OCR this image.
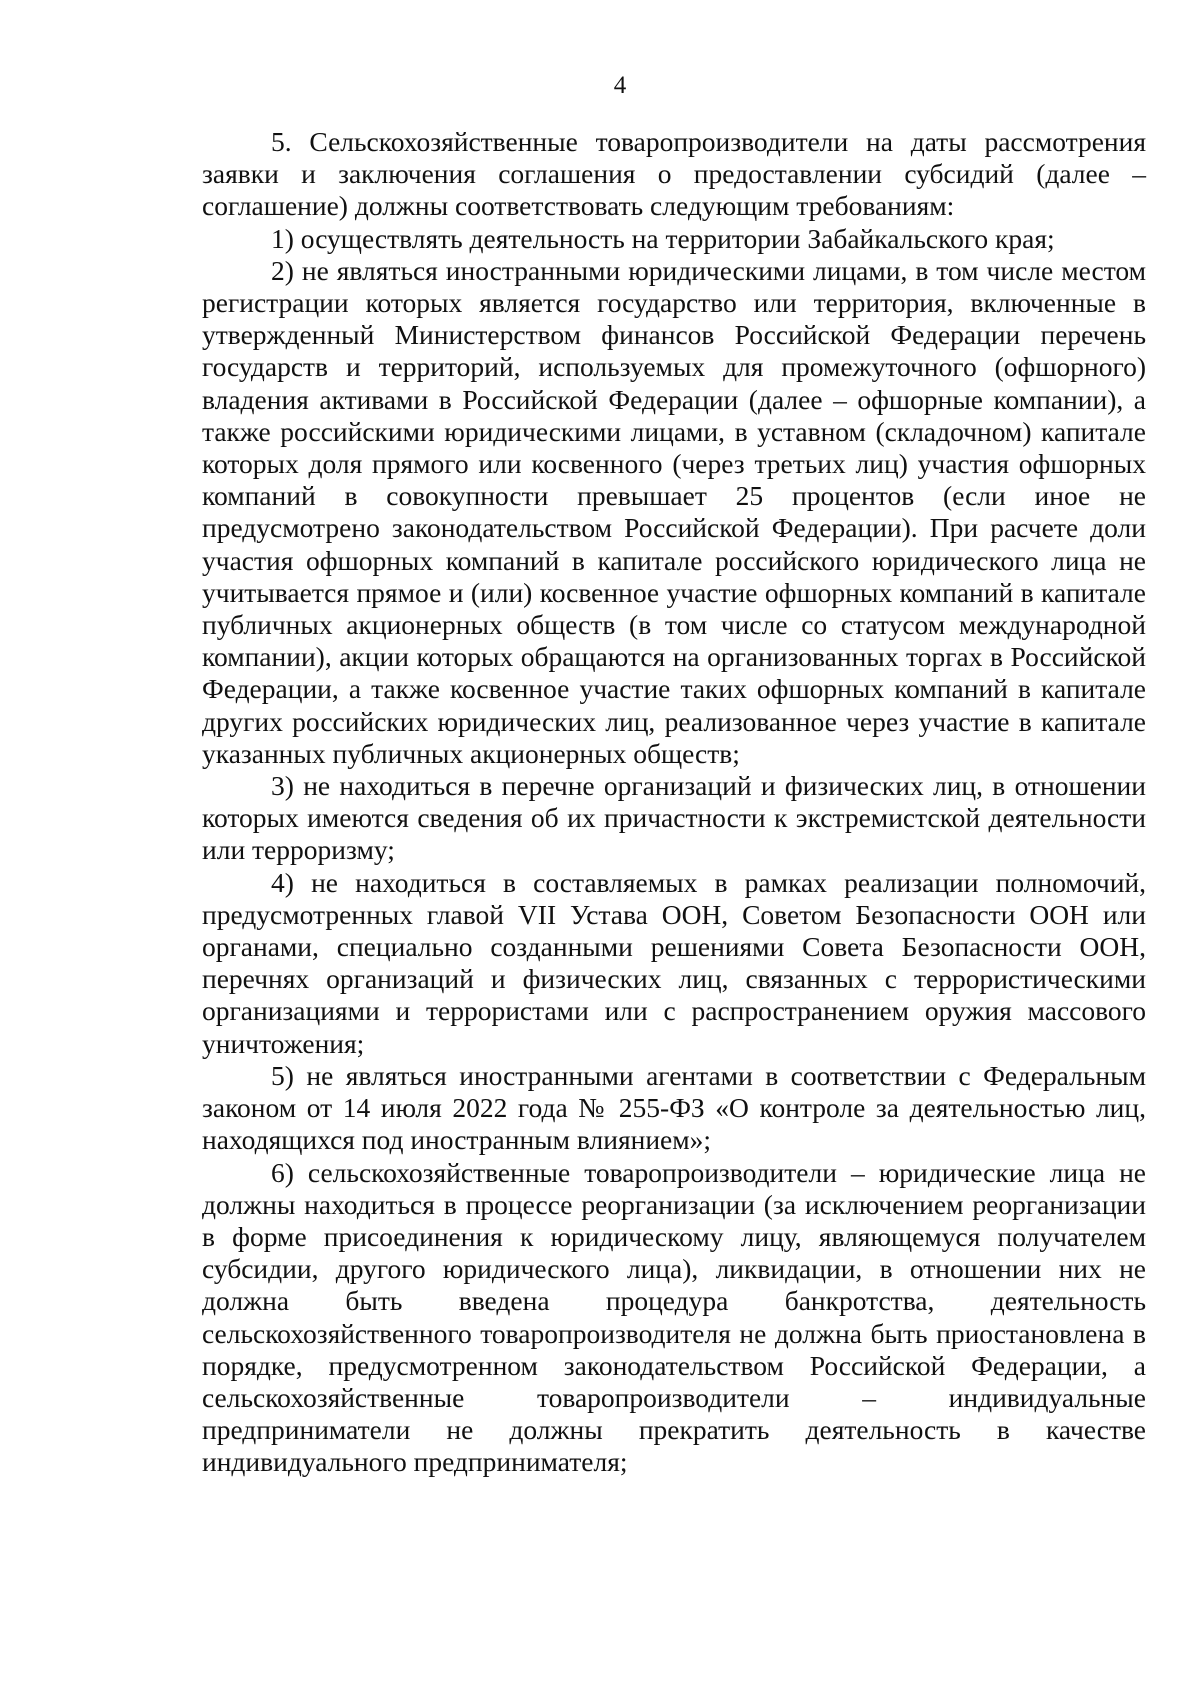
4

5. Сельскохозяйственные товаропроизводители на даты рассмотрения заявки и заключения соглашения о предоставлении субсидий (далее – соглашение) должны соответствовать следующим требованиям:

1) осуществлять деятельность на территории Забайкальского края;

2) не являться иностранными юридическими лицами, в том числе местом регистрации которых является государство или территория, включенные в утвержденный Министерством финансов Российской Федерации перечень государств и территорий, используемых для промежуточного (офшорного) владения активами в Российской Федерации (далее – офшорные компании), а также российскими юридическими лицами, в уставном (складочном) капитале которых доля прямого или косвенного (через третьих лиц) участия офшорных компаний в совокупности превышает 25 процентов (если иное не предусмотрено законодательством Российской Федерации). При расчете доли участия офшорных компаний в капитале российского юридического лица не учитывается прямое и (или) косвенное участие офшорных компаний в капитале публичных акционерных обществ (в том числе со статусом международной компании), акции которых обращаются на организованных торгах в Российской Федерации, а также косвенное участие таких офшорных компаний в капитале других российских юридических лиц, реализованное через участие в капитале указанных публичных акционерных обществ;

3) не находиться в перечне организаций и физических лиц, в отношении которых имеются сведения об их причастности к экстремистской деятельности или терроризму;

4) не находиться в составляемых в рамках реализации полномочий, предусмотренных главой VII Устава ООН, Советом Безопасности ООН или органами, специально созданными решениями Совета Безопасности ООН, перечнях организаций и физических лиц, связанных с террористическими организациями и террористами или с распространением оружия массового уничтожения;

5) не являться иностранными агентами в соответствии с Федеральным законом от 14 июля 2022 года № 255-ФЗ «О контроле за деятельностью лиц, находящихся под иностранным влиянием»;

6) сельскохозяйственные товаропроизводители – юридические лица не должны находиться в процессе реорганизации (за исключением реорганизации в форме присоединения к юридическому лицу, являющемуся получателем субсидии, другого юридического лица), ликвидации, в отношении них не должна быть введена процедура банкротства, деятельность сельскохозяйственного товаропроизводителя не должна быть приостановлена в порядке, предусмотренном законодательством Российской Федерации, а сельскохозяйственные товаропроизводители – индивидуальные предприниматели не должны прекратить деятельность в качестве индивидуального предпринимателя;
